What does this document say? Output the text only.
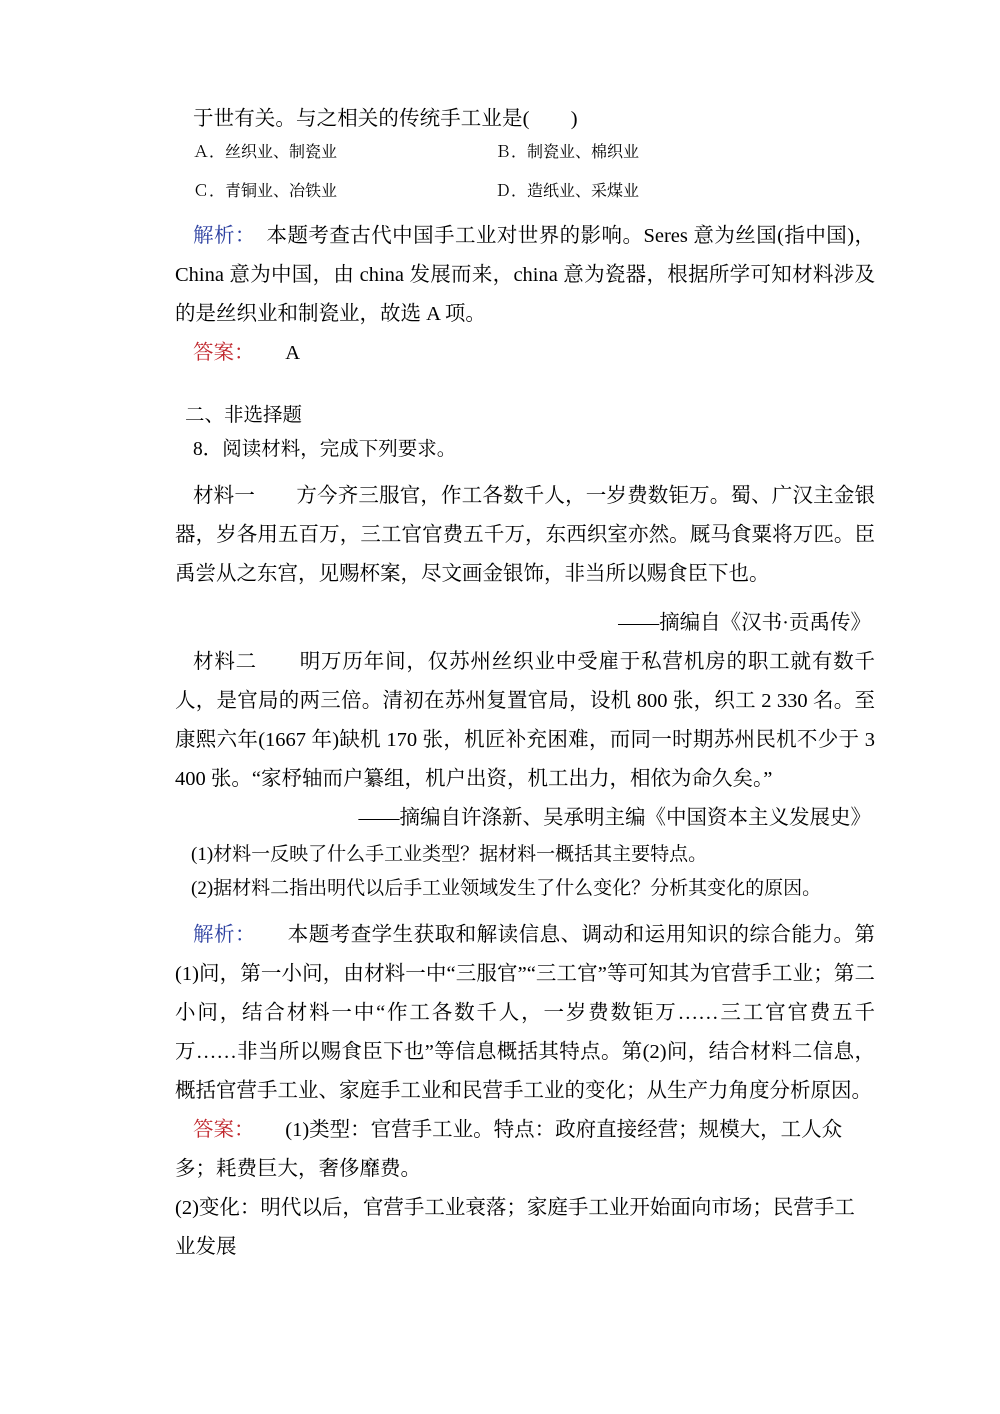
于世有关。与之相关的传统手工业是(　　)
Ａ．丝织业、制瓷业	Ｂ．制瓷业、棉织业
Ｃ．青铜业、冶铁业	Ｄ．造纸业、采煤业
解析：　 本题考查古代中国手工业对世界的影响。Seres 意为丝国(指中国)，China 意为中国，由 china 发展而来，china 意为瓷器，根据所学可知材料涉及的是丝织业和制瓷业，故选 A 项。
答案：　　 A
二、非选择题
8．阅读材料，完成下列要求。
材料一　　 方今齐三服官，作工各数千人，一岁费数钜万。蜀、广汉主金银器，岁各用五百万，三工官官费五千万，东西织室亦然。厩马食粟将万匹。臣禹尝从之东宫，见赐杯案，尽文画金银饰，非当所以赐食臣下也。
——摘编自《汉书·贡禹传》
材料二　　 明万历年间，仅苏州丝织业中受雇于私营机房的职工就有数千人，是官局的两三倍。清初在苏州复置官局，设机 800 张，织工 2 330 名。至康熙六年(1667 年)缺机 170 张，机匠补充困难，而同一时期苏州民机不少于 3 400 张。“家杼轴而户纂组，机户出资，机工出力，相依为命久矣。”
——摘编自许涤新、吴承明主编《中国资本主义发展史》
(1)材料一反映了什么手工业类型？据材料一概括其主要特点。
(2)据材料二指出明代以后手工业领域发生了什么变化？分析其变化的原因。
解析：　　 本题考查学生获取和解读信息、调动和运用知识的综合能力。第(1)问，第一小问，由材料一中“三服官”“三工官”等可知其为官营手工业；第二小问，结合材料一中“作工各数千人，一岁费数钜万……三工官官费五千万……非当所以赐食臣下也”等信息概括其特点。第(2)问，结合材料二信息，概括官营手工业、家庭手工业和民营手工业的变化；从生产力角度分析原因。
答案：　　 (1)类型：官营手工业。特点：政府直接经营；规模大，工人众多；耗费巨大，奢侈靡费。
(2)变化：明代以后，官营手工业衰落；家庭手工业开始面向市场；民营手工业发展
